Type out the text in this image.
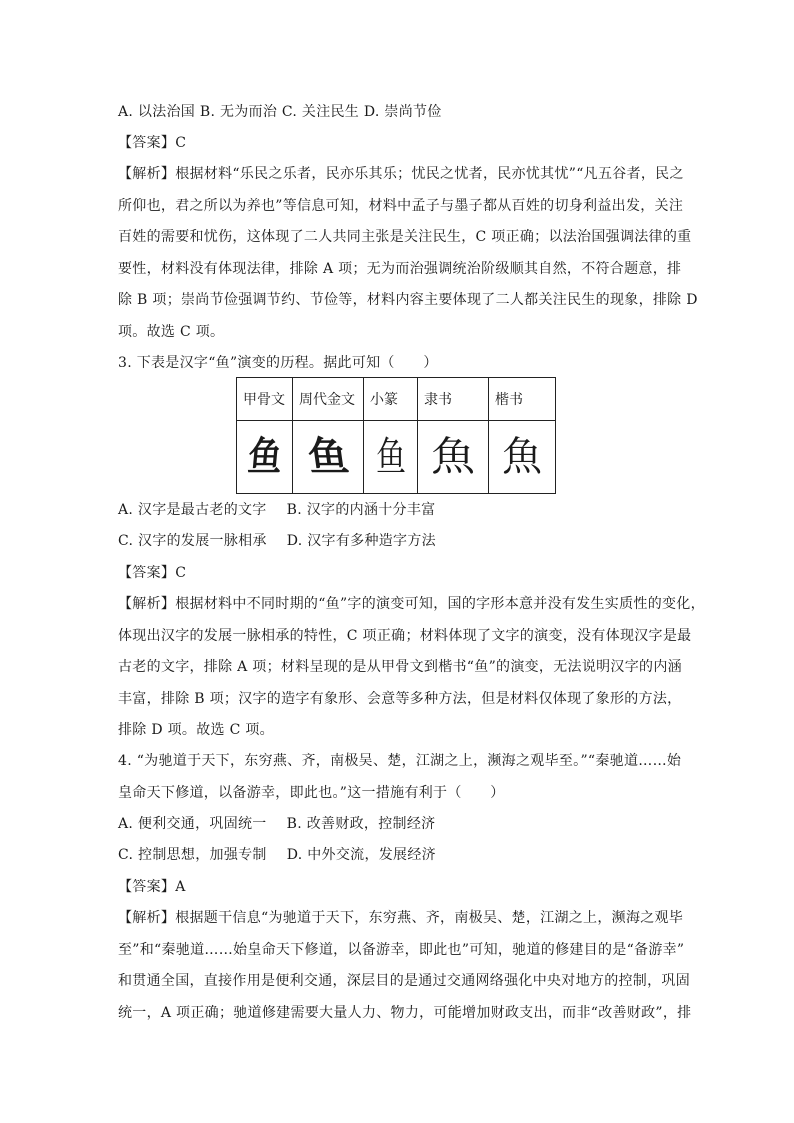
A. 以法治国 B. 无为而治 C. 关注民生 D. 崇尚节俭
【答案】C
【解析】根据材料“乐民之乐者，民亦乐其乐；忧民之忧者，民亦忧其忧”“凡五谷者，民之
所仰也，君之所以为养也”等信息可知，材料中孟子与墨子都从百姓的切身利益出发，关注
百姓的需要和忧伤，这体现了二人共同主张是关注民生，C 项正确；以法治国强调法律的重
要性，材料没有体现法律，排除 A 项；无为而治强调统治阶级顺其自然，不符合题意，排
除 B 项；崇尚节俭强调节约、节俭等，材料内容主要体现了二人都关注民生的现象，排除 D
项。故选 C 项。
3. 下表是汉字“鱼”演变的历程。据此可知（　　）
甲骨文	周代金文	小篆	隶书	楷书
鱼	鱼	鱼	魚	魚
A. 汉字是最古老的文字 B. 汉字的内涵十分丰富
C. 汉字的发展一脉相承 D. 汉字有多种造字方法
【答案】C
【解析】根据材料中不同时期的“鱼”字的演变可知，国的字形本意并没有发生实质性的变化，
体现出汉字的发展一脉相承的特性，C 项正确；材料体现了文字的演变，没有体现汉字是最
古老的文字，排除 A 项；材料呈现的是从甲骨文到楷书“鱼”的演变，无法说明汉字的内涵
丰富，排除 B 项；汉字的造字有象形、会意等多种方法，但是材料仅体现了象形的方法，
排除 D 项。故选 C 项。
4. “为驰道于天下，东穷燕、齐，南极吴、楚，江湖之上，濒海之观毕至。”“秦驰道……始
皇命天下修道，以备游幸，即此也。”这一措施有利于（　　）
A. 便利交通，巩固统一 B. 改善财政，控制经济
C. 控制思想，加强专制 D. 中外交流，发展经济
【答案】A
【解析】根据题干信息“为驰道于天下，东穷燕、齐，南极吴、楚，江湖之上，濒海之观毕
至”和“秦驰道……始皇命天下修道，以备游幸，即此也”可知，驰道的修建目的是“备游幸”
和贯通全国，直接作用是便利交通，深层目的是通过交通网络强化中央对地方的控制，巩固
统一，A 项正确；驰道修建需要大量人力、物力，可能增加财政支出，而非“改善财政”，排
